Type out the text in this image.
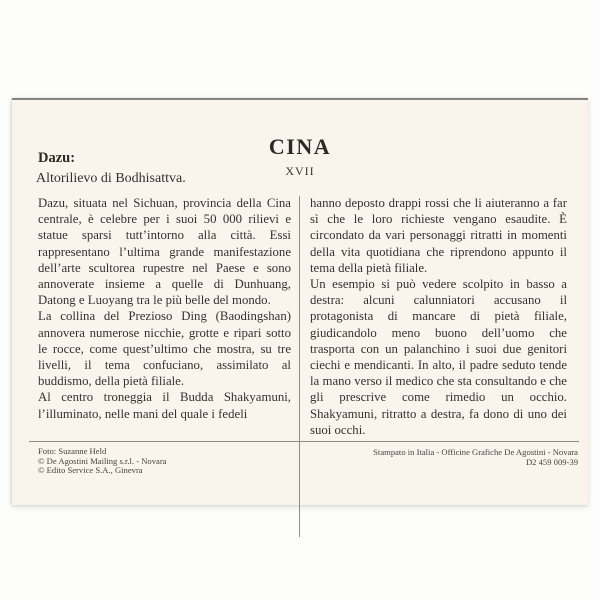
CINA
XVII
Dazu:
Altorilievo di Bodhisattva.

Dazu, situata nel Sichuan, provincia della Cina centrale, è celebre per i suoi 50 000 rilievi e statue sparsi tutt’intorno alla città. Essi rappresentano l’ultima grande manifestazione dell’arte scultorea rupestre nel Paese e sono annoverate insieme a quelle di Dunhuang, Datong e Luoyang tra le più belle del mondo.

La collina del Prezioso Ding (Baodingshan) annovera numerose nicchie, grotte e ripari sotto le rocce, come quest’ultimo che mostra, su tre livelli, il tema confuciano, assimilato al buddismo, della pietà filiale.

Al centro troneggia il Budda Shakyamuni, l’illuminato, nelle mani del quale i fedeli

hanno deposto drappi rossi che li aiuteranno a far sì che le loro richieste vengano esaudite. È circondato da vari personaggi ritratti in momenti della vita quotidiana che riprendono appunto il tema della pietà filiale.

Un esempio si può vedere scolpito in basso a destra: alcuni calunniatori accusano il protagonista di mancare di pietà filiale, giudicandolo meno buono dell’uomo che trasporta con un palanchino i suoi due genitori ciechi e mendicanti. In alto, il padre seduto tende la mano verso il medico che sta consultando e che gli prescrive come rimedio un occhio. Shakyamuni, ritratto a destra, fa dono di uno dei suoi occhi.

Foto: Suzanne Held
© De Agostini Mailing s.r.l. - Novara
© Edito Service S.A., Ginevra
Stampato in Italia - Officine Grafiche De Agostini - Novara
D2 459 009-39
